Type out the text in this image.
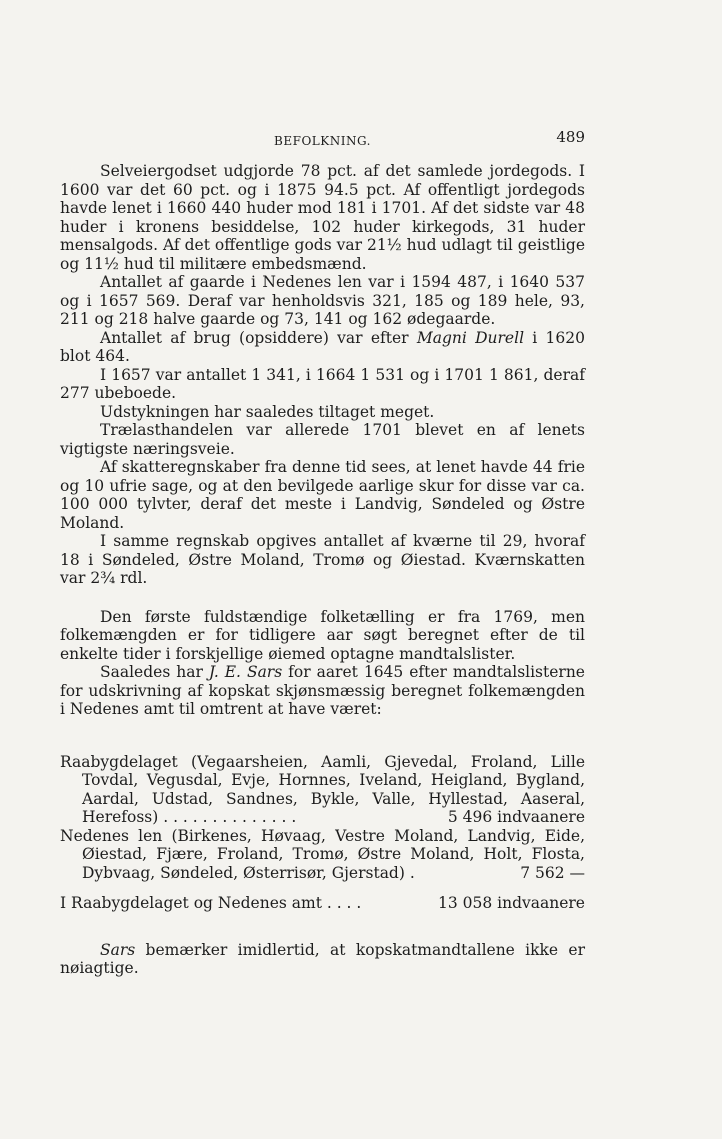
BEFOLKNING.	489

Selveiergodset udgjorde 78 pct. af det samlede jordegods. I 1600 var det 60 pct. og i 1875 94.5 pct. Af offentligt jordegods havde lenet i 1660 440 huder mod 181 i 1701. Af det sidste var 48 huder i kronens besiddelse, 102 huder kirkegods, 31 huder mensalgods. Af det offentlige gods var 21½ hud udlagt til geistlige og 11½ hud til militære embedsmænd.

Antallet af gaarde i Nedenes len var i 1594 487, i 1640 537 og i 1657 569. Deraf var henholdsvis 321, 185 og 189 hele, 93, 211 og 218 halve gaarde og 73, 141 og 162 ødegaarde.

Antallet af brug (opsiddere) var efter Magni Durell i 1620 blot 464.

I 1657 var antallet 1 341, i 1664 1 531 og i 1701 1 861, deraf 277 ubeboede.

Udstykningen har saaledes tiltaget meget.

Trælasthandelen var allerede 1701 blevet en af lenets vigtigste næringsveie.

Af skatteregnskaber fra denne tid sees, at lenet havde 44 frie og 10 ufrie sage, og at den bevilgede aarlige skur for disse var ca. 100 000 tylvter, deraf det meste i Landvig, Søndeled og Østre Moland.

I samme regnskab opgives antallet af kværne til 29, hvoraf 18 i Søndeled, Østre Moland, Tromø og Øiestad. Kværnskatten var 2¾ rdl.

Den første fuldstændige folketælling er fra 1769, men folkemængden er for tidligere aar søgt beregnet efter de til enkelte tider i forskjellige øiemed optagne mandtalslister.

Saaledes har J. E. Sars for aaret 1645 efter mandtalslisterne for udskrivning af kopskat skjønsmæssig beregnet folkemængden i Nedenes amt til omtrent at have været:

Raabygdelaget (Vegaarsheien, Aamli, Gjevedal, Froland, Lille Tovdal, Vegusdal, Evje, Hornnes, Iveland, Heigland, Bygland, Aardal, Udstad, Sandnes, Bykle, Valle, Hyllestad, Aaseral, Herefoss) . . . . . . . . . . . . . .	5 496 indvaanere
Nedenes len (Birkenes, Høvaag, Vestre Moland, Landvig, Eide, Øiestad, Fjære, Froland, Tromø, Østre Moland, Holt, Flosta, Dybvaag, Søndeled, Østerrisør, Gjerstad) .	7 562 —
I Raabygdelaget og Nedenes amt . . . .	13 058 indvaanere

Sars bemærker imidlertid, at kopskatmandtallene ikke er nøiagtige.
